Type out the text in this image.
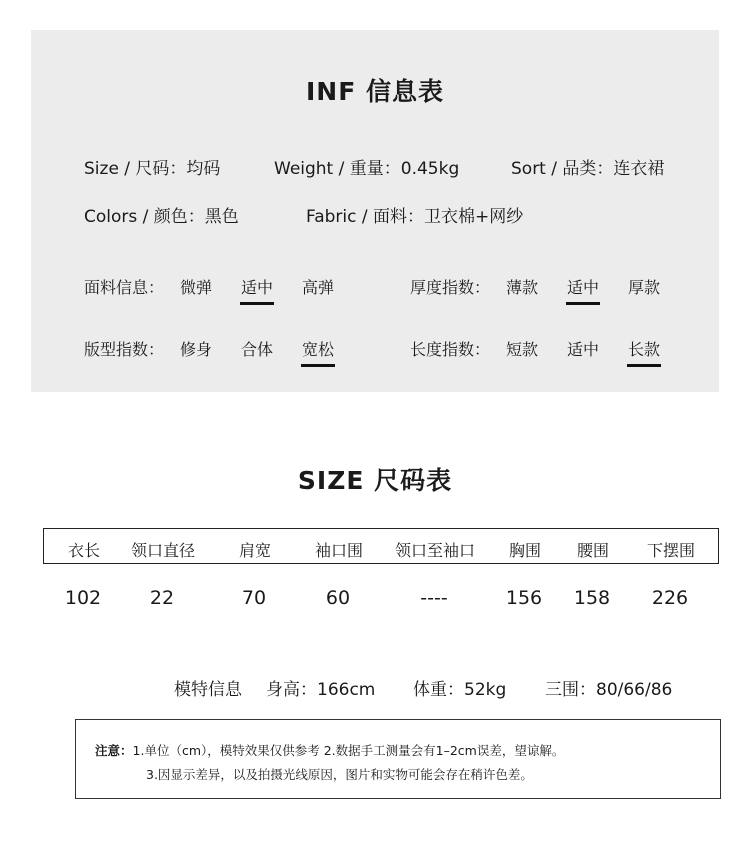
INF 信息表
Size / 尺码：均码	Weight / 重量：0.45kg	Sort / 品类：连衣裙
Colors / 颜色：黑色	Fabric / 面料：卫衣棉+网纱
面料信息： 微弹 适中 高弹	厚度指数： 薄款 适中 厚款
版型指数： 修身 合体 宽松	长度指数： 短款 适中 长款
SIZE 尺码表
衣长 领口直径	肩宽	袖口围 领口至袖口 胸围 腰围 下摆围
102	22	70	60	----	156 158 226
模特信息 身高：166cm 体重：52kg 三围：80/66/86
注意：1.单位（cm），模特效果仅供参考 2.数据手工测量会有1–2cm误差，望谅解。
3.因显示差异，以及拍摄光线原因，图片和实物可能会存在稍许色差。
